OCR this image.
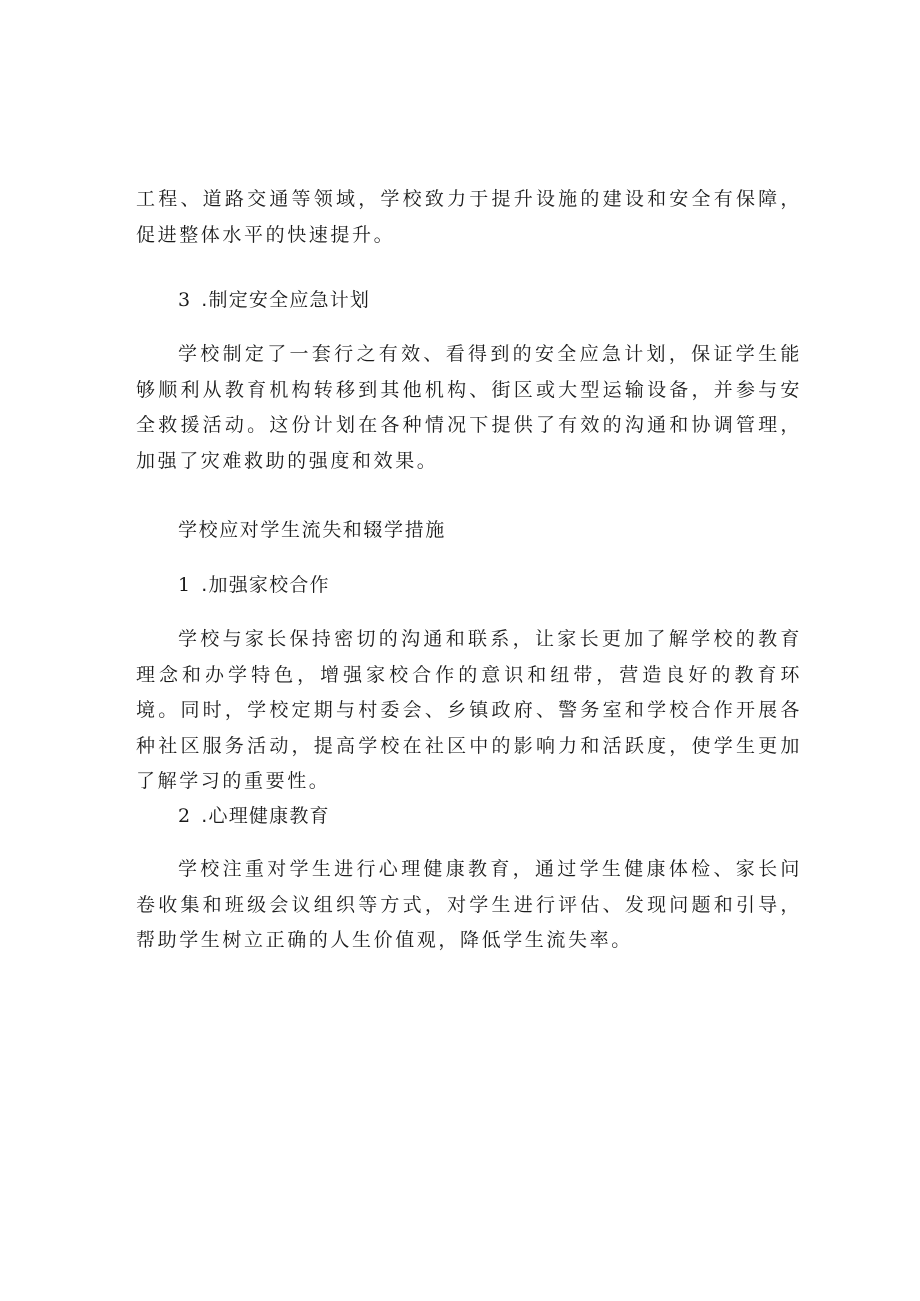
工程、道路交通等领域，学校致力于提升设施的建设和安全有保障，促进整体水平的快速提升。

3 .制定安全应急计划

学校制定了一套行之有效、看得到的安全应急计划，保证学生能够顺利从教育机构转移到其他机构、街区或大型运输设备，并参与安全救援活动。这份计划在各种情况下提供了有效的沟通和协调管理，加强了灾难救助的强度和效果。

学校应对学生流失和辍学措施

1 .加强家校合作

学校与家长保持密切的沟通和联系，让家长更加了解学校的教育理念和办学特色，增强家校合作的意识和纽带，营造良好的教育环境。同时，学校定期与村委会、乡镇政府、警务室和学校合作开展各种社区服务活动，提高学校在社区中的影响力和活跃度，使学生更加了解学习的重要性。

2 .心理健康教育

学校注重对学生进行心理健康教育，通过学生健康体检、家长问卷收集和班级会议组织等方式，对学生进行评估、发现问题和引导，帮助学生树立正确的人生价值观，降低学生流失率。
